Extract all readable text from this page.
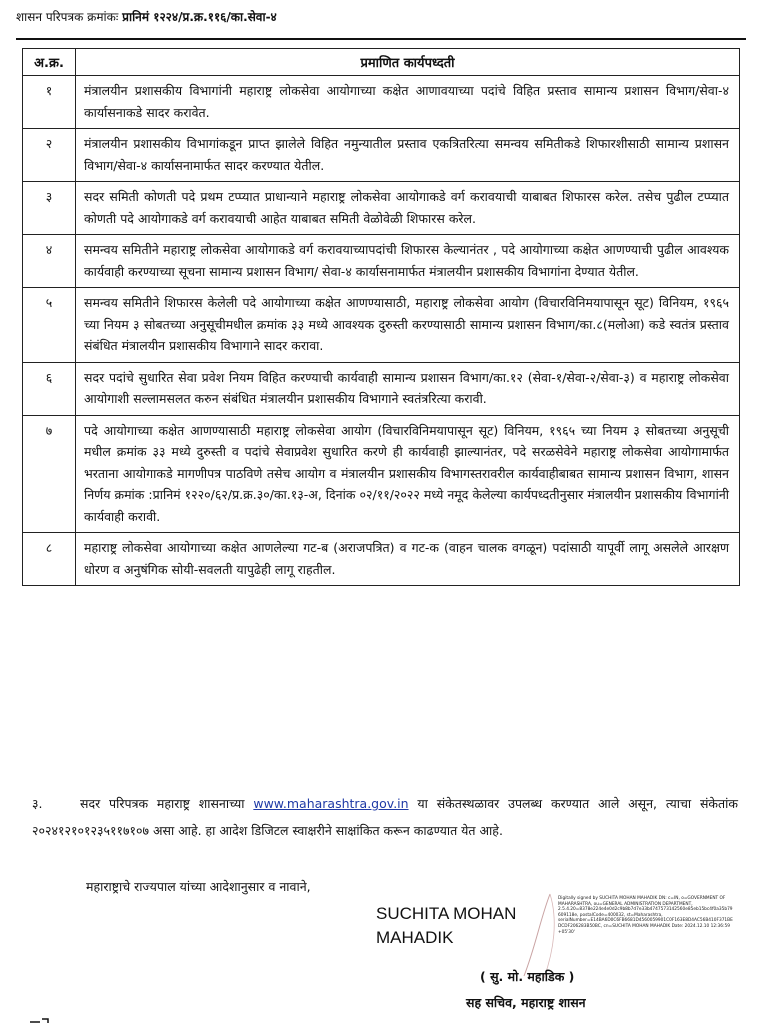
शासन परिपत्रक क्रमांकः प्रानिमं १२२४/प्र.क्र.११६/का.सेवा-४
अ.क्र.	प्रमाणित कार्यपध्दती
१	मंत्रालयीन प्रशासकीय विभागांनी महाराष्ट्र लोकसेवा आयोगाच्या कक्षेत आणावयाच्या पदांचे विहित प्रस्ताव सामान्य प्रशासन विभाग/सेवा-४ कार्यासनाकडे सादर करावेत.
२	मंत्रालयीन प्रशासकीय विभागांकडून प्राप्त झालेले विहित नमुन्यातील प्रस्ताव एकत्रितरित्या समन्वय समितीकडे शिफारशीसाठी सामान्य प्रशासन विभाग/सेवा-४ कार्यासनामार्फत सादर करण्यात येतील.
३	सदर समिती कोणती पदे प्रथम टप्प्यात प्राधान्याने महाराष्ट्र लोकसेवा आयोगाकडे वर्ग करावयाची याबाबत शिफारस करेल. तसेच पुढील टप्प्यात कोणती पदे आयोगाकडे वर्ग करावयाची आहेत याबाबत समिती वेळोवेळी शिफारस करेल.
४	समन्वय समितीने महाराष्ट्र लोकसेवा आयोगाकडे वर्ग करावयाच्यापदांची शिफारस केल्यानंतर , पदे आयोगाच्या कक्षेत आणण्याची पुढील आवश्यक कार्यवाही करण्याच्या सूचना सामान्य प्रशासन विभाग/ सेवा-४ कार्यासनामार्फत मंत्रालयीन प्रशासकीय विभागांना देण्यात येतील.
५	समन्वय समितीने शिफारस केलेली पदे आयोगाच्या कक्षेत आणण्यासाठी, महाराष्ट्र लोकसेवा आयोग (विचारविनिमयापासून सूट) विनियम, १९६५ च्या नियम ३ सोबतच्या अनुसूचीमधील क्रमांक ३३ मध्ये आवश्यक दुरुस्ती करण्यासाठी सामान्य प्रशासन विभाग/का.८(मलोआ) कडे स्वतंत्र प्रस्ताव संबंधित मंत्रालयीन प्रशासकीय विभागाने सादर करावा.
६	सदर पदांचे सुधारित सेवा प्रवेश नियम विहित करण्याची कार्यवाही सामान्य प्रशासन विभाग/का.१२ (सेवा-१/सेवा-२/सेवा-३) व महाराष्ट्र लोकसेवा आयोगाशी सल्लामसलत करुन संबंधित मंत्रालयीन प्रशासकीय विभागाने स्वतंत्ररित्या करावी.
७	पदे आयोगाच्या कक्षेत आणण्यासाठी महाराष्ट्र लोकसेवा आयोग (विचारविनिमयापासून सूट) विनियम, १९६५ च्या नियम ३ सोबतच्या अनुसूची मधील क्रमांक ३३ मध्ये दुरुस्ती व पदांचे सेवाप्रवेश सुधारित करणे ही कार्यवाही झाल्यानंतर, पदे सरळसेवेने महाराष्ट्र लोकसेवा आयोगामार्फत भरताना आयोगाकडे मागणीपत्र पाठविणे तसेच आयोग व मंत्रालयीन प्रशासकीय विभागस्तरावरील कार्यवाहीबाबत सामान्य प्रशासन विभाग, शासन निर्णय क्रमांक :प्रानिमं १२२०/६२/प्र.क्र.३०/का.१३-अ, दिनांक ०२/११/२०२२ मध्ये नमूद केलेल्या कार्यपध्दतीनुसार मंत्रालयीन प्रशासकीय विभागांनी कार्यवाही करावी.
८	महाराष्ट्र लोकसेवा आयोगाच्या कक्षेत आणलेल्या गट-ब (अराजपत्रित) व गट-क (वाहन चालक वगळून) पदांसाठी यापूर्वी लागू असलेले आरक्षण धोरण व अनुषंगिक सोयी-सवलती यापुढेही लागू राहतील.
३.	सदर परिपत्रक महाराष्ट्र शासनाच्या www.maharashtra.gov.in या संकेतस्थळावर उपलब्ध करण्यात आले असून, त्याचा संकेतांक २०२४१२१०१२३५११७१०७ असा आहे. हा आदेश डिजिटल स्वाक्षरीने साक्षांकित करून काढण्यात येत आहे.
महाराष्ट्राचे राज्यपाल यांच्या आदेशानुसार व नावाने,
SUCHITA MOHAN
MAHADIK
Digitally signed by SUCHITA MOHAN MAHADIK DN: c=IN, o=GOVERNMENT OF MAHARASHTRA, ou=GENERAL ADMINISTRATION DEPARTMENT, 2.5.4.20=8378e224e4e0d2c9b8b7d7e33b4747573142560e85eb15bc4f0a35b79 609118e, postalCode=400032, st=Maharashtra, serialNumber=E14BA6D0C6FB6681D4560059901C0F163E8D4AC56B410F371BE DCDF206283B50BC, cn=SUCHITA MOHAN MAHADIK Date: 2024.12.10 12:36:59 +05'30'
( सु. मो. महाडिक )
सह सचिव, महाराष्ट्र शासन
